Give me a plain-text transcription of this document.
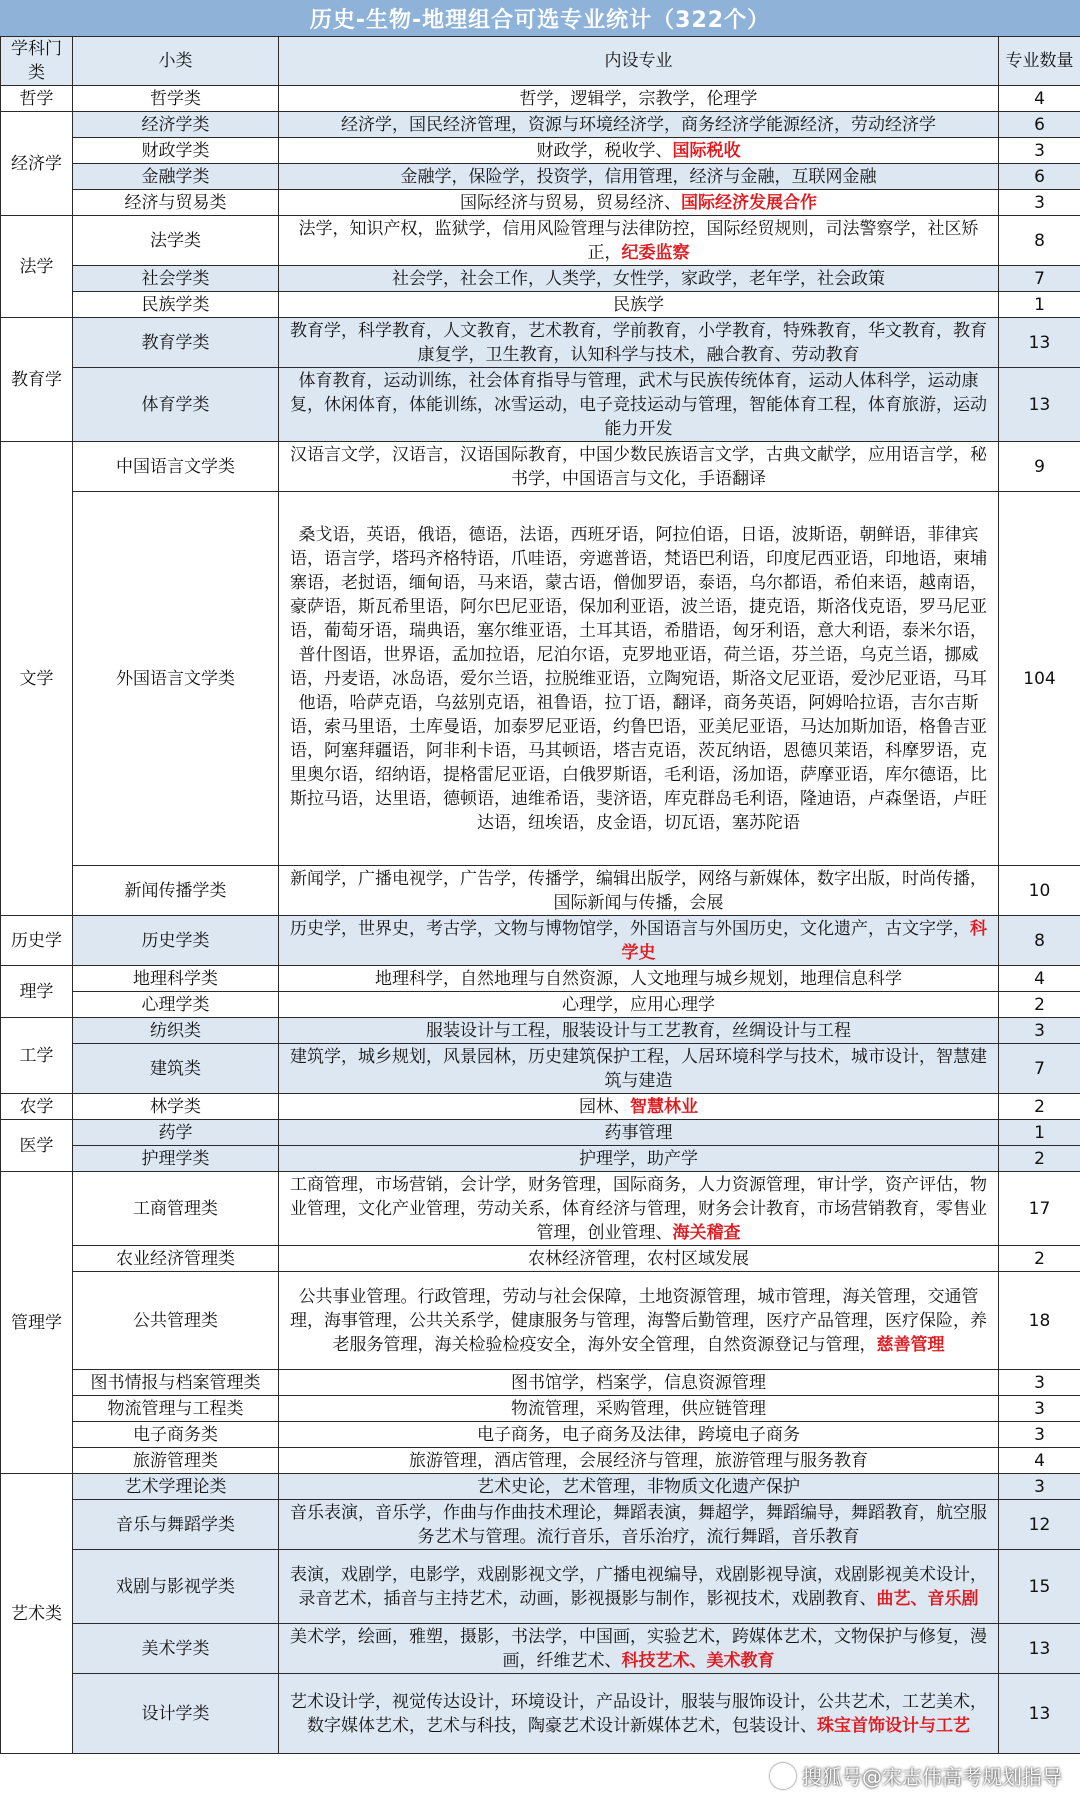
历史-生物-地理组合可选专业统计（322个）
学科门类	小类	内设专业	专业数量
哲学	哲学类	哲学，逻辑学，宗教学，伦理学	4
经济学	经济学类	经济学，国民经济管理，资源与环境经济学，商务经济学能源经济，劳动经济学	6
	财政学类	财政学，税收学、国际税收	3
	金融学类	金融学，保险学，投资学，信用管理，经济与金融，互联网金融	6
	经济与贸易类	国际经济与贸易，贸易经济、国际经济发展合作	3
法学	法学类	法学，知识产权，监狱学，信用风险管理与法律防控，国际经贸规则，司法警察学，社区矫正，纪委监察	8
	社会学类	社会学，社会工作，人类学，女性学，家政学，老年学，社会政策	7
	民族学类	民族学	1
教育学	教育学类	教育学，科学教育，人文教育，艺术教育，学前教育，小学教育，特殊教育，华文教育，教育康复学，卫生教育，认知科学与技术，融合教育、劳动教育	13
	体育学类	体育教育，运动训练，社会体育指导与管理，武术与民族传统体育，运动人体科学，运动康复，休闲体育，体能训练，冰雪运动，电子竞技运动与管理，智能体育工程，体育旅游，运动能力开发	13
文学	中国语言文学类	汉语言文学，汉语言，汉语国际教育，中国少数民族语言文学，古典文献学，应用语言学，秘书学，中国语言与文化，手语翻译	9
	外国语言文学类	桑戈语，英语，俄语，德语，法语，西班牙语，阿拉伯语，日语，波斯语，朝鲜语，菲律宾语，语言学，塔玛齐格特语，爪哇语，旁遮普语，梵语巴利语，印度尼西亚语，印地语，柬埔寨语，老挝语，缅甸语，马来语，蒙古语，僧伽罗语，泰语，乌尔都语，希伯来语，越南语，豪萨语，斯瓦希里语，阿尔巴尼亚语，保加利亚语，波兰语，捷克语，斯洛伐克语，罗马尼亚语，葡萄牙语，瑞典语，塞尔维亚语，土耳其语，希腊语，匈牙利语，意大利语，泰米尔语，普什图语，世界语，孟加拉语，尼泊尔语，克罗地亚语，荷兰语，芬兰语，乌克兰语，挪威语，丹麦语，冰岛语，爱尔兰语，拉脱维亚语，立陶宛语，斯洛文尼亚语，爱沙尼亚语，马耳他语，哈萨克语，乌兹别克语，祖鲁语，拉丁语，翻译，商务英语，阿姆哈拉语，吉尔吉斯语，索马里语，土库曼语，加泰罗尼亚语，约鲁巴语，亚美尼亚语，马达加斯加语，格鲁吉亚语，阿塞拜疆语，阿非利卡语，马其顿语，塔吉克语，茨瓦纳语，恩德贝莱语，科摩罗语，克里奥尔语，绍纳语，提格雷尼亚语，白俄罗斯语，毛利语，汤加语，萨摩亚语，库尔德语，比斯拉马语，达里语，德顿语，迪维希语，斐济语，库克群岛毛利语，隆迪语，卢森堡语，卢旺达语，纽埃语，皮金语，切瓦语，塞苏陀语	104
	新闻传播学类	新闻学，广播电视学，广告学，传播学，编辑出版学，网络与新媒体，数字出版，时尚传播，国际新闻与传播，会展	10
历史学	历史学类	历史学，世界史，考古学，文物与博物馆学，外国语言与外国历史，文化遗产，古文字学，科学史	8
理学	地理科学类	地理科学，自然地理与自然资源，人文地理与城乡规划，地理信息科学	4
	心理学类	心理学，应用心理学	2
工学	纺织类	服装设计与工程，服装设计与工艺教育，丝绸设计与工程	3
	建筑类	建筑学，城乡规划，风景园林，历史建筑保护工程，人居环境科学与技术，城市设计，智慧建筑与建造	7
农学	林学类	园林、智慧林业	2
医学	药学	药事管理	1
	护理学类	护理学，助产学	2
管理学	工商管理类	工商管理，市场营销，会计学，财务管理，国际商务，人力资源管理，审计学，资产评估，物业管理，文化产业管理，劳动关系，体育经济与管理，财务会计教育，市场营销教育，零售业管理，创业管理、海关稽查	17
	农业经济管理类	农林经济管理，农村区域发展	2
	公共管理类	公共事业管理。行政管理，劳动与社会保障，土地资源管理，城市管理，海关管理，交通管理，海事管理，公共关系学，健康服务与管理，海警后勤管理，医疗产品管理，医疗保险，养老服务管理，海关检验检疫安全，海外安全管理，自然资源登记与管理，慈善管理	18
	图书情报与档案管理类	图书馆学，档案学，信息资源管理	3
	物流管理与工程类	物流管理，采购管理，供应链管理	3
	电子商务类	电子商务，电子商务及法律，跨境电子商务	3
	旅游管理类	旅游管理，酒店管理，会展经济与管理，旅游管理与服务教育	4
艺术类	艺术学理论类	艺术史论，艺术管理，非物质文化遗产保护	3
	音乐与舞蹈学类	音乐表演，音乐学，作曲与作曲技术理论，舞蹈表演，舞超学，舞蹈编导，舞蹈教育，航空服务艺术与管理。流行音乐，音乐治疗，流行舞蹈，音乐教育	12
	戏剧与影视学类	表演，戏剧学，电影学，戏剧影视文学，广播电视编导，戏剧影视导演，戏剧影视美术设计，录音艺术，插音与主持艺术，动画，影视摄影与制作，影视技术，戏剧教育、曲艺、音乐剧	15
	美术学类	美术学，绘画，雅塑，摄影，书法学，中国画，实验艺术，跨媒体艺术，文物保护与修复，漫画，纤维艺术、科技艺术、美术教育	13
	设计学类	艺术设计学，视觉传达设计，环境设计，产品设计，服装与服饰设计，公共艺术，工艺美术，数字媒体艺术，艺术与科技，陶豪艺术设计新媒体艺术，包装设计、珠宝首饰设计与工艺	13
搜狐号@宋志伟高考规划指导
